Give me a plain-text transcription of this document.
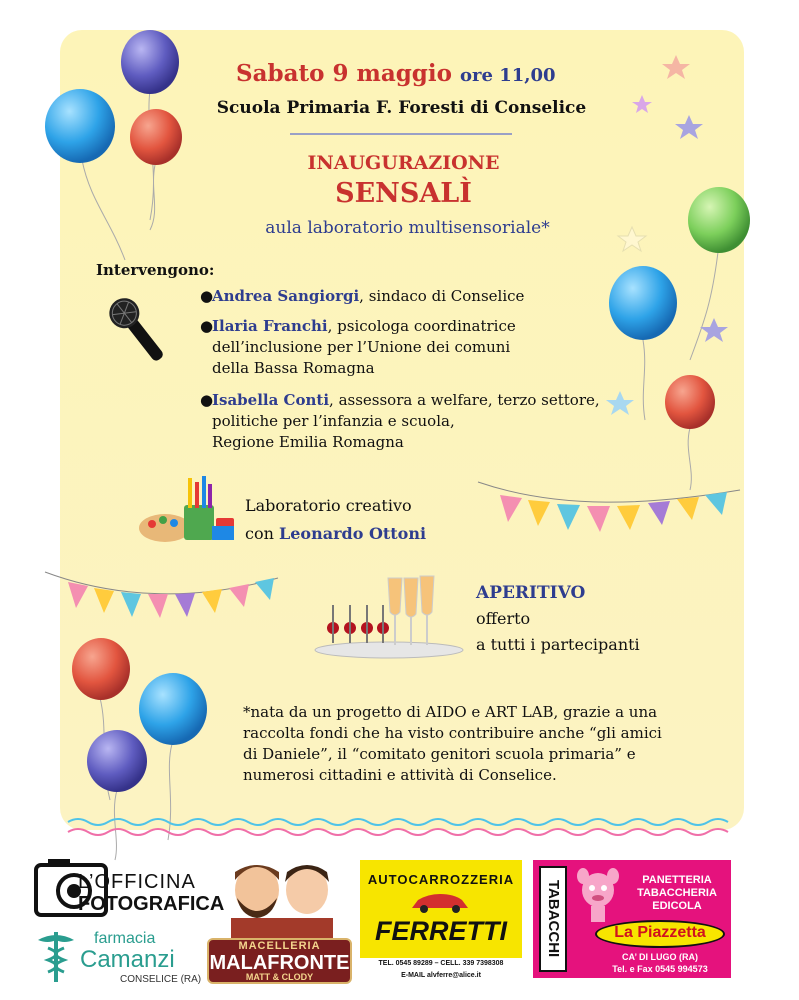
Sabato 9 maggio ore 11,00
Scuola Primaria F. Foresti di Conselice
INAUGURAZIONE
SENSALÌ
aula laboratorio multisensoriale*
Intervengono:
●Andrea Sangiorgi, sindaco di Conselice
●Ilaria Franchi, psicologa coordinatrice
dell’inclusione per l’Unione dei comuni
della Bassa Romagna
●Isabella Conti, assessora a welfare, terzo settore,
politiche per l’infanzia e scuola,
Regione Emilia Romagna
Laboratorio creativo
con Leonardo Ottoni
APERITIVO
offerto
a tutti i partecipanti
*nata da un progetto di AIDO e ART LAB, grazie a una
raccolta fondi che ha visto contribuire anche “gli amici
di Daniele”, il “comitato genitori scuola primaria” e
numerosi cittadini e attività di Conselice.
L’OFFICINA
FOTOGRAFICA
farmacia
Camanzi
CONSELICE (RA)
MACELLERIA
MALAFRONTE
MATT & CLODY
AUTOCARROZZERIA
FERRETTI
TEL. 0545 89289 – CELL. 339 7398308
E-MAIL alvferre@alice.it
TABACCHI
PANETTERIA
TABACCHERIA
EDICOLA
La Piazzetta
CA’ DI LUGO (RA)
Tel. e Fax 0545 994573
